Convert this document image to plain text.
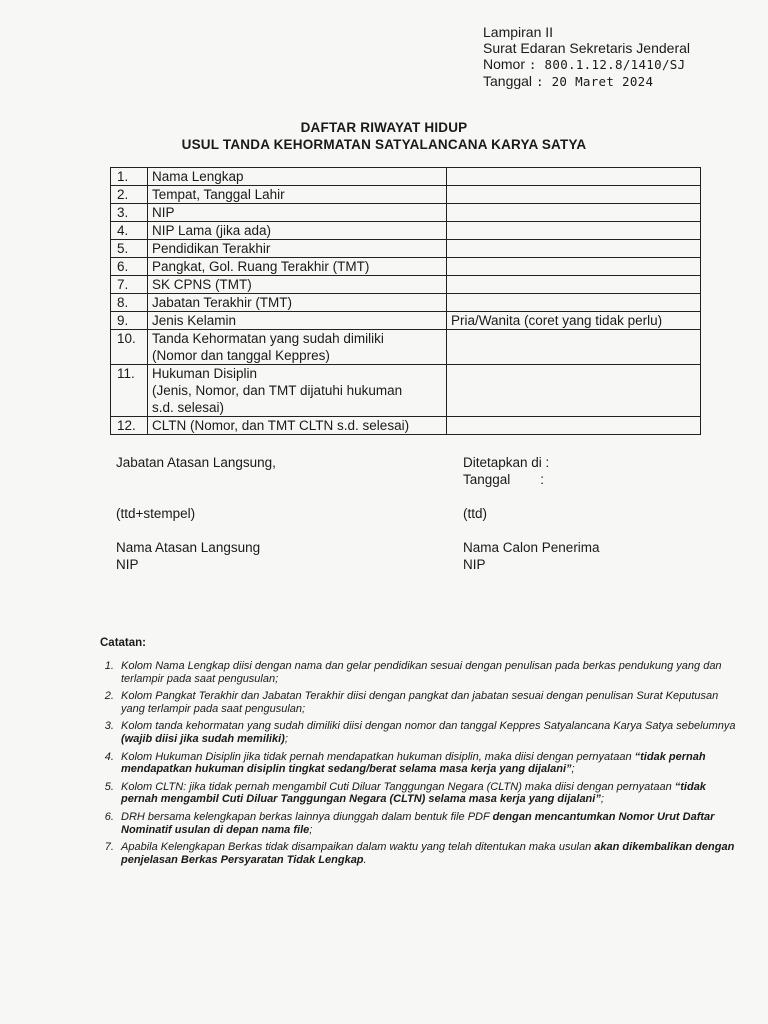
Lampiran II
Surat Edaran Sekretaris Jenderal
Nomor : 800.1.12.8/1410/SJ
Tanggal : 20 Maret 2024
DAFTAR RIWAYAT HIDUP
USUL TANDA KEHORMATAN SATYALANCANA KARYA SATYA
1.	Nama Lengkap	

2.	Tempat, Tanggal Lahir	

3.	NIP	

4.	NIP Lama (jika ada)	

5.	Pendidikan Terakhir	

6.	Pangkat, Gol. Ruang Terakhir (TMT)	

7.	SK CPNS (TMT)	

8.	Jabatan Terakhir (TMT)	

9.	Jenis Kelamin	Pria/Wanita (coret yang tidak perlu)
10.	Tanda Kehormatan yang sudah dimiliki
(Nomor dan tanggal Keppres)	

11.	Hukuman Disiplin
(Jenis, Nomor, dan TMT dijatuhi hukuman
s.d. selesai)	

12.	CLTN (Nomor, dan TMT CLTN s.d. selesai)	

Jabatan Atasan Langsung,
(ttd+stempel)
Nama Atasan Langsung
NIP
Ditetapkan di :
Tanggal        :
(ttd)
Nama Calon Penerima
NIP
Catatan:
1. Kolom Nama Lengkap diisi dengan nama dan gelar pendidikan sesuai dengan penulisan pada berkas pendukung yang dan terlampir pada saat pengusulan;
2. Kolom Pangkat Terakhir dan Jabatan Terakhir diisi dengan pangkat dan jabatan sesuai dengan penulisan Surat Keputusan yang terlampir pada saat pengusulan;
3. Kolom tanda kehormatan yang sudah dimiliki diisi dengan nomor dan tanggal Keppres Satyalancana Karya Satya sebelumnya (wajib diisi jika sudah memiliki);
4. Kolom Hukuman Disiplin jika tidak pernah mendapatkan hukuman disiplin, maka diisi dengan pernyataan “tidak pernah mendapatkan hukuman disiplin tingkat sedang/berat selama masa kerja yang dijalani”;
5. Kolom CLTN: jika tidak pernah mengambil Cuti Diluar Tanggungan Negara (CLTN) maka diisi dengan pernyataan “tidak pernah mengambil Cuti Diluar Tanggungan Negara (CLTN) selama masa kerja yang dijalani”;
6. DRH bersama kelengkapan berkas lainnya diunggah dalam bentuk file PDF dengan mencantumkan Nomor Urut Daftar Nominatif usulan di depan nama file;
7. Apabila Kelengkapan Berkas tidak disampaikan dalam waktu yang telah ditentukan maka usulan akan dikembalikan dengan penjelasan Berkas Persyaratan Tidak Lengkap.
